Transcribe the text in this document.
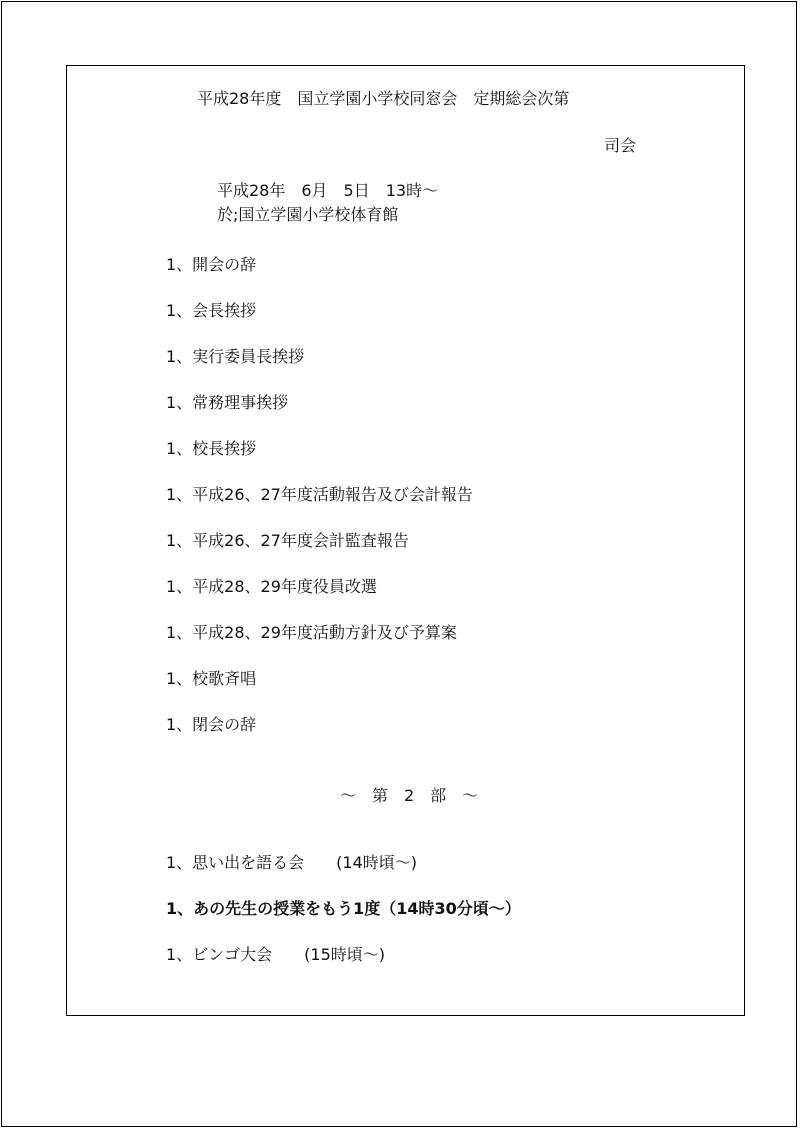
平成28年度　国立学園小学校同窓会　定期総会次第
司会
平成28年　6月　5日　13時～
於;国立学園小学校体育館
1、開会の辞
1、会長挨拶
1、実行委員長挨拶
1、常務理事挨拶
1、校長挨拶
1、平成26、27年度活動報告及び会計報告
1、平成26、27年度会計監査報告
1、平成28、29年度役員改選
1、平成28、29年度活動方針及び予算案
1、校歌斉唱
1、閉会の辞
～　第　2　部　～
1、思い出を語る会　　(14時頃～)
1、あの先生の授業をもう1度（14時30分頃～）
1、ビンゴ大会　　(15時頃～)
